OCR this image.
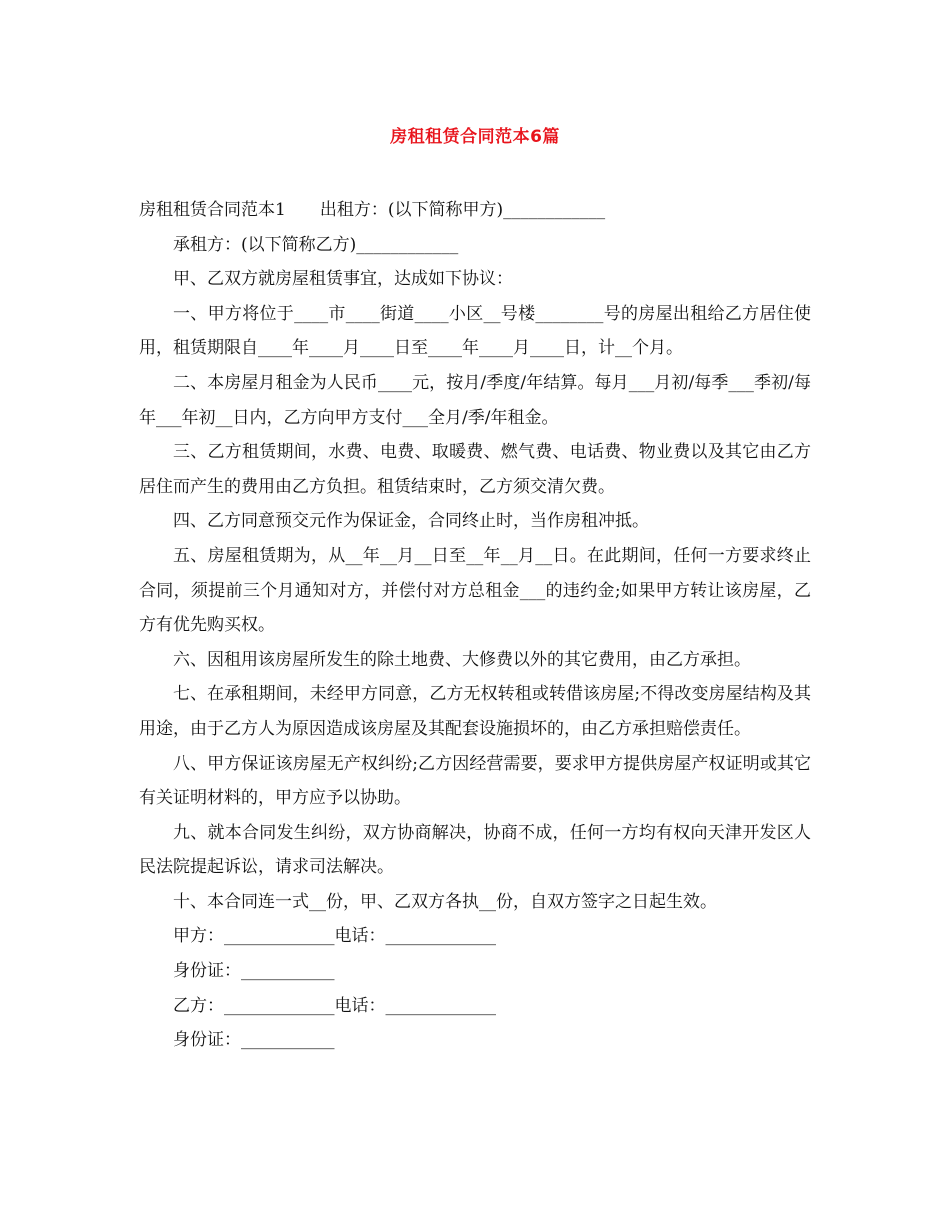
房租租赁合同范本6篇

房租租赁合同范本1　　出租方：(以下简称甲方)____________

承租方：(以下简称乙方)____________

甲、乙双方就房屋租赁事宜，达成如下协议：

一、甲方将位于____市____街道____小区__号楼________号的房屋出租给乙方居住使用，租赁期限自____年____月____日至____年____月____日，计__个月。

二、本房屋月租金为人民币____元，按月/季度/年结算。每月___月初/每季___季初/每年___年初__日内，乙方向甲方支付___全月/季/年租金。

三、乙方租赁期间，水费、电费、取暖费、燃气费、电话费、物业费以及其它由乙方居住而产生的费用由乙方负担。租赁结束时，乙方须交清欠费。

四、乙方同意预交元作为保证金，合同终止时，当作房租冲抵。

五、房屋租赁期为，从__年__月__日至__年__月__日。在此期间，任何一方要求终止合同，须提前三个月通知对方，并偿付对方总租金___的违约金;如果甲方转让该房屋，乙方有优先购买权。

六、因租用该房屋所发生的除土地费、大修费以外的其它费用，由乙方承担。

七、在承租期间，未经甲方同意，乙方无权转租或转借该房屋;不得改变房屋结构及其用途，由于乙方人为原因造成该房屋及其配套设施损坏的，由乙方承担赔偿责任。

八、甲方保证该房屋无产权纠纷;乙方因经营需要，要求甲方提供房屋产权证明或其它有关证明材料的，甲方应予以协助。

九、就本合同发生纠纷，双方协商解决，协商不成，任何一方均有权向天津开发区人民法院提起诉讼，请求司法解决。

十、本合同连一式__份，甲、乙双方各执__份，自双方签字之日起生效。

甲方：_____________电话：_____________

身份证：___________

乙方：_____________电话：_____________

身份证：___________
